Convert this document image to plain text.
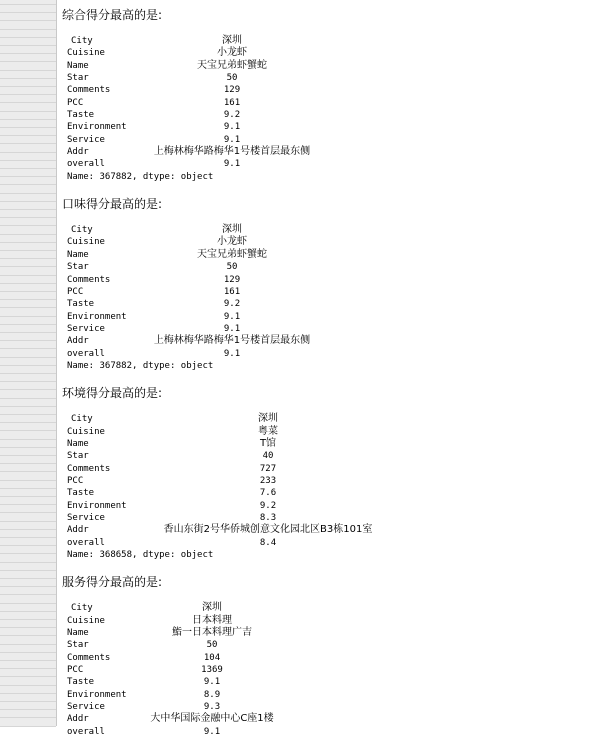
综合得分最高的是:
City	深圳
Cuisine	小龙虾
Name	天宝兄弟虾蟹蛇
Star	50
Comments	129
PCC	161
Taste	9.2
Environment	9.1
Service	9.1
Addr	上梅林梅华路梅华1号楼首层最东侧
overall	9.1
Name: 367882, dtype: object
口味得分最高的是:
City	深圳
Cuisine	小龙虾
Name	天宝兄弟虾蟹蛇
Star	50
Comments	129
PCC	161
Taste	9.2
Environment	9.1
Service	9.1
Addr	上梅林梅华路梅华1号楼首层最东侧
overall	9.1
Name: 367882, dtype: object
环境得分最高的是:
City	深圳
Cuisine	粤菜
Name	T馆
Star	40
Comments	727
PCC	233
Taste	7.6
Environment	9.2
Service	8.3
Addr	香山东街2号华侨城创意文化园北区B3栋101室
overall	8.4
Name: 368658, dtype: object
服务得分最高的是:
City	深圳
Cuisine	日本料理
Name	鮨一日本料理广吉
Star	50
Comments	104
PCC	1369
Taste	9.1
Environment	8.9
Service	9.3
Addr	大中华国际金融中心C座1楼
overall	9.1
